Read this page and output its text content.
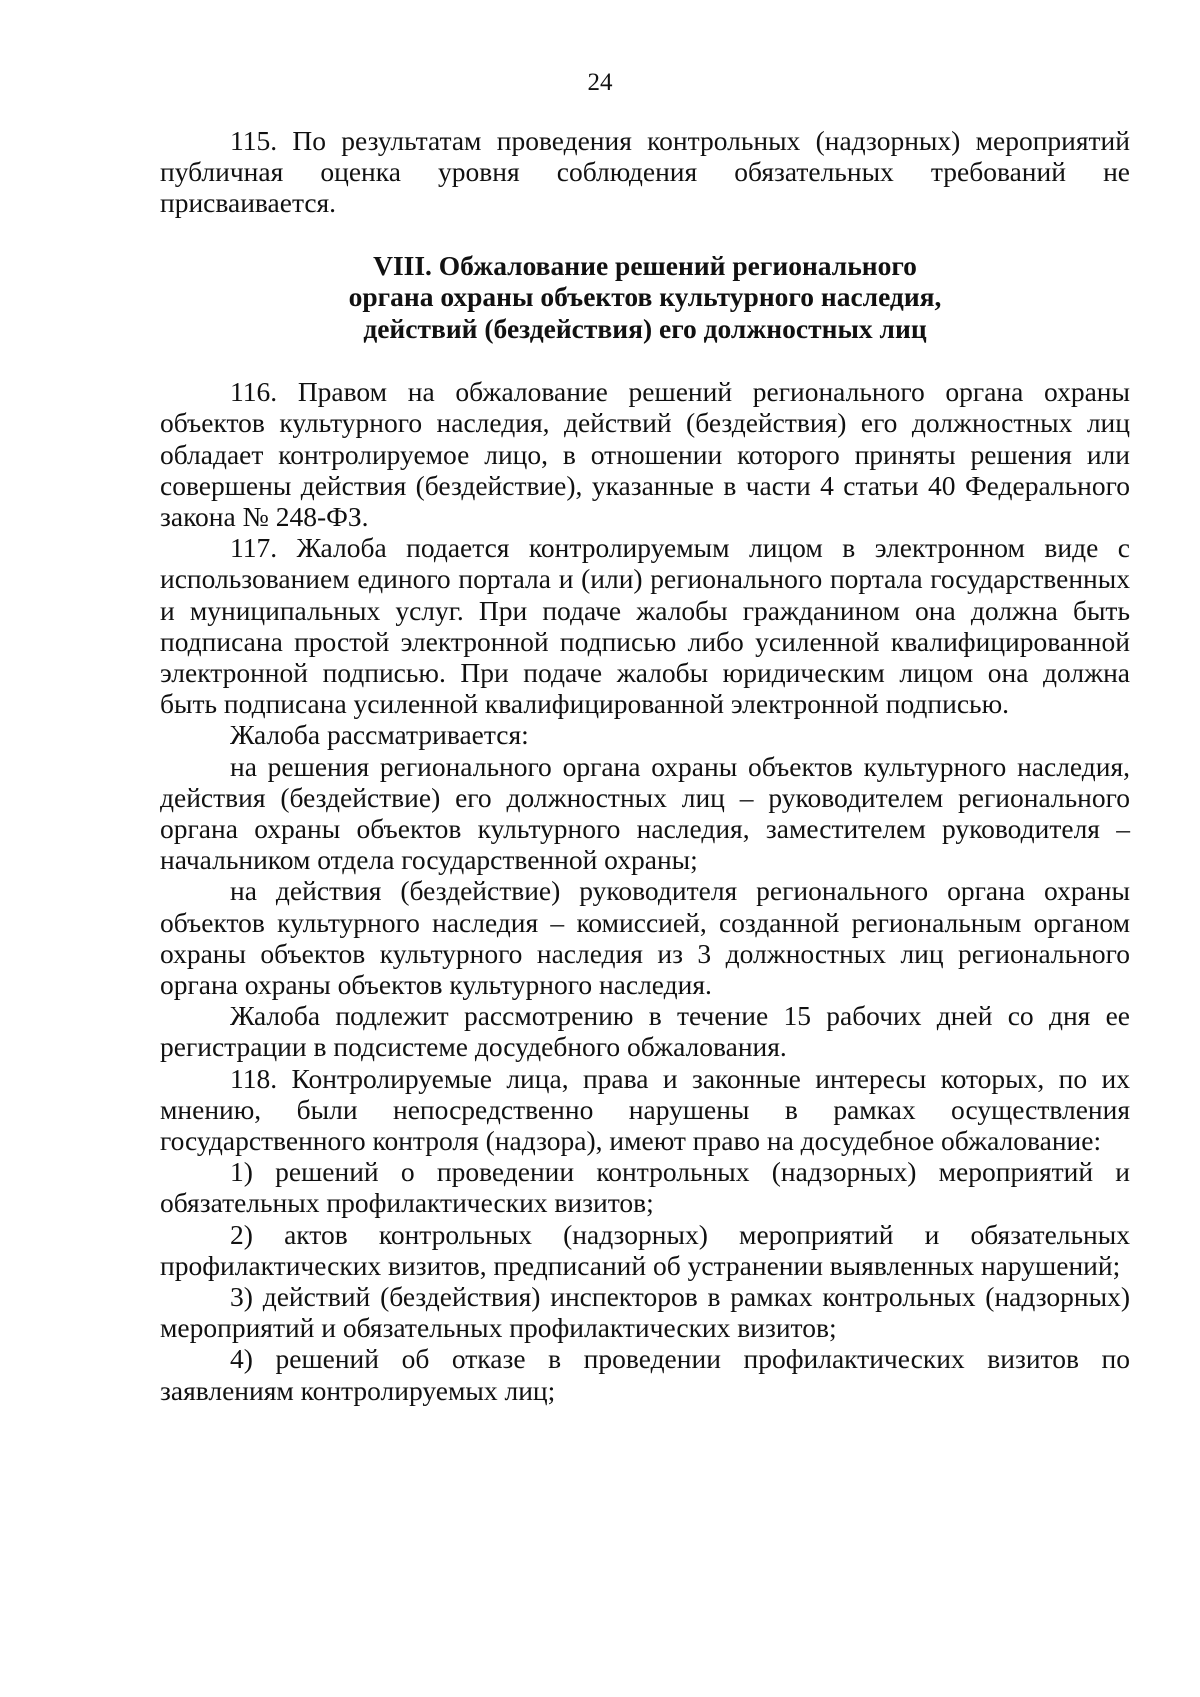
24

115. По результатам проведения контрольных (надзорных) мероприятий публичная оценка уровня соблюдения обязательных требований не присваивается.

VIII. Обжалование решений регионального
органа охраны объектов культурного наследия,
действий (бездействия) его должностных лиц

116. Правом на обжалование решений регионального органа охраны объектов культурного наследия, действий (бездействия) его должностных лиц обладает контролируемое лицо, в отношении которого приняты решения или совершены действия (бездействие), указанные в части 4 статьи 40 Федерального закона № 248-ФЗ.

117. Жалоба подается контролируемым лицом в электронном виде с использованием единого портала и (или) регионального портала государственных и муниципальных услуг. При подаче жалобы гражданином она должна быть подписана простой электронной подписью либо усиленной квалифицированной электронной подписью. При подаче жалобы юридическим лицом она должна быть подписана усиленной квалифицированной электронной подписью.

Жалоба рассматривается:

на решения регионального органа охраны объектов культурного наследия, действия (бездействие) его должностных лиц – руководителем регионального органа охраны объектов культурного наследия, заместителем руководителя – начальником отдела государственной охраны;

на действия (бездействие) руководителя регионального органа охраны объектов культурного наследия – комиссией, созданной региональным органом охраны объектов культурного наследия из 3 должностных лиц регионального органа охраны объектов культурного наследия.

Жалоба подлежит рассмотрению в течение 15 рабочих дней со дня ее регистрации в подсистеме досудебного обжалования.

118. Контролируемые лица, права и законные интересы которых, по их мнению, были непосредственно нарушены в рамках осуществления государственного контроля (надзора), имеют право на досудебное обжалование:

1) решений о проведении контрольных (надзорных) мероприятий и обязательных профилактических визитов;

2) актов контрольных (надзорных) мероприятий и обязательных профилактических визитов, предписаний об устранении выявленных нарушений;

3) действий (бездействия) инспекторов в рамках контрольных (надзорных) мероприятий и обязательных профилактических визитов;

4) решений об отказе в проведении профилактических визитов по заявлениям контролируемых лиц;
